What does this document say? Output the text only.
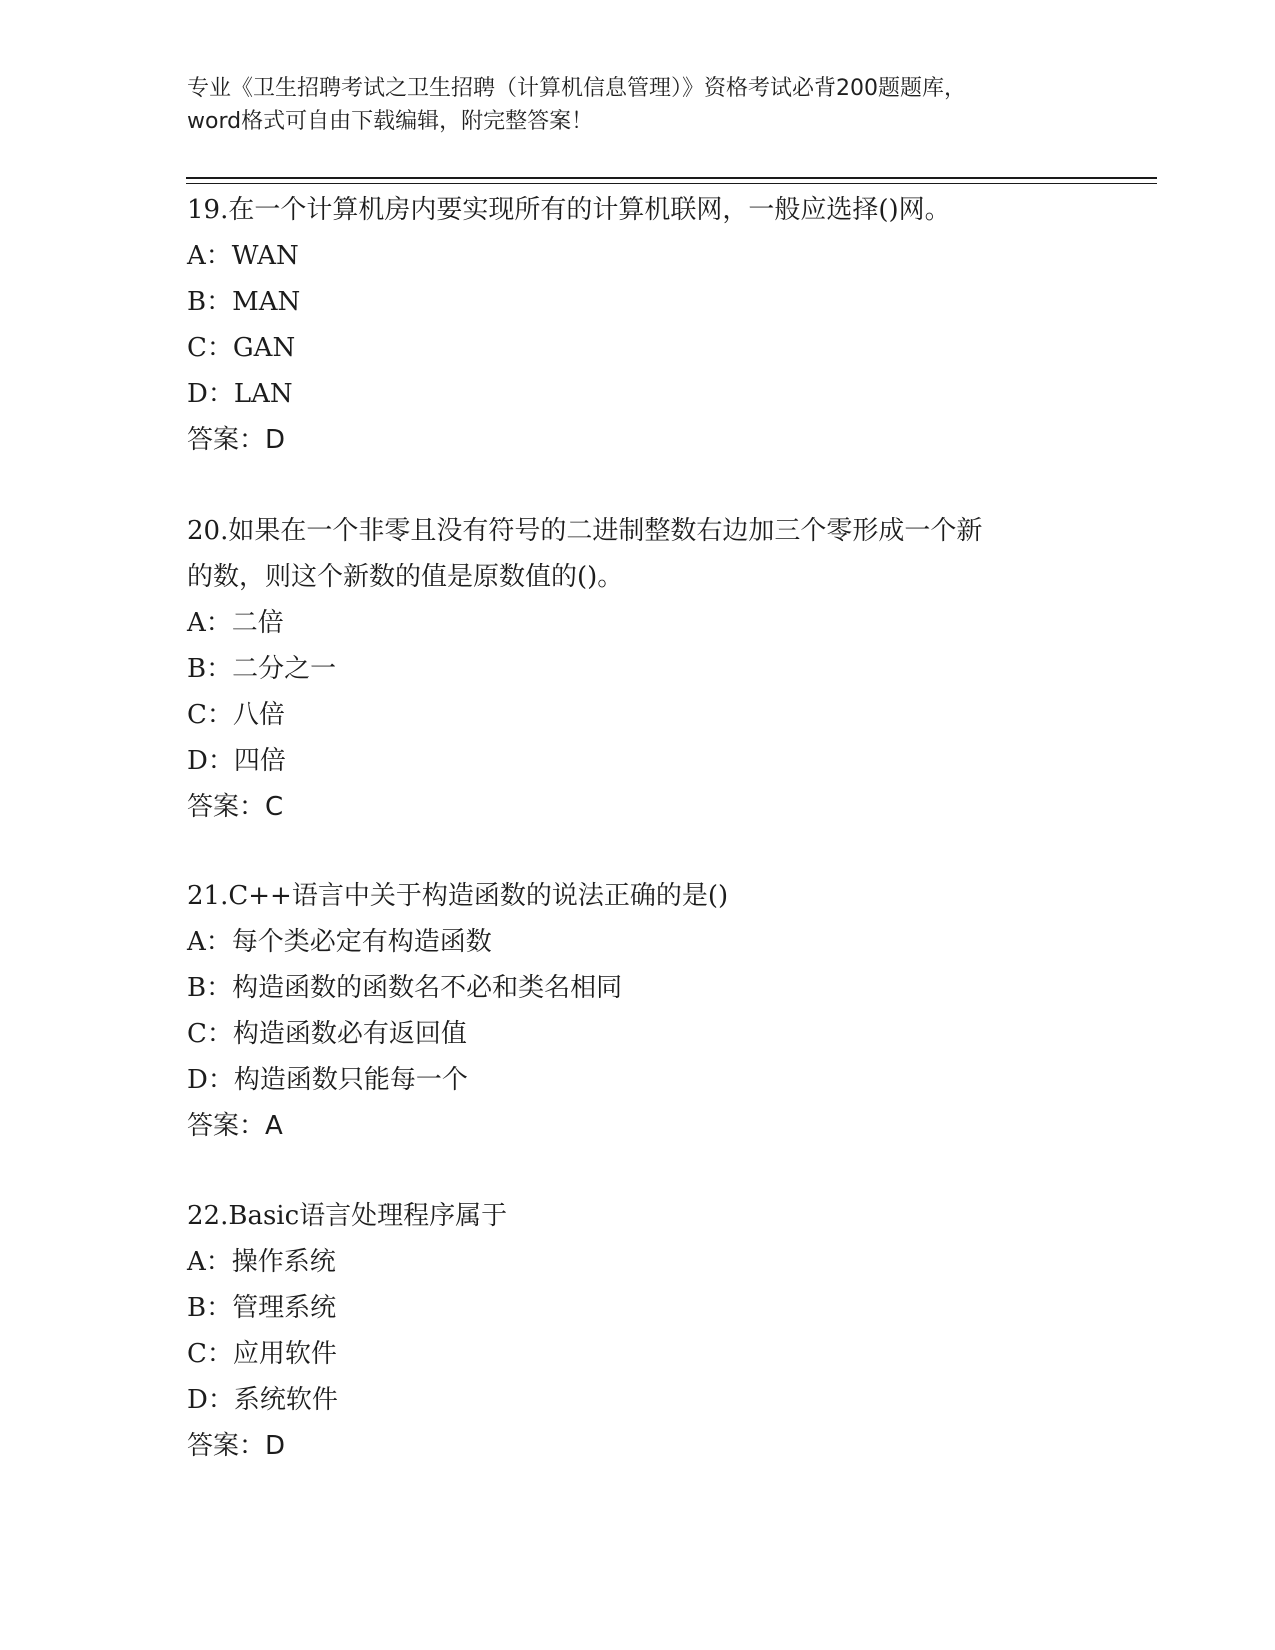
专业《卫生招聘考试之卫生招聘（计算机信息管理）》资格考试必背200题题库，
word格式可自由下载编辑，附完整答案！

19.在一个计算机房内要实现所有的计算机联网，一般应选择()网。

A：WAN

B：MAN

C：GAN

D：LAN

答案：D

20.如果在一个非零且没有符号的二进制整数右边加三个零形成一个新

的数，则这个新数的值是原数值的()。

A：二倍

B：二分之一

C：八倍

D：四倍

答案：C

21.C++语言中关于构造函数的说法正确的是()

A：每个类必定有构造函数

B：构造函数的函数名不必和类名相同

C：构造函数必有返回值

D：构造函数只能每一个

答案：A

22.Basic语言处理程序属于

A：操作系统

B：管理系统

C：应用软件

D：系统软件

答案：D
